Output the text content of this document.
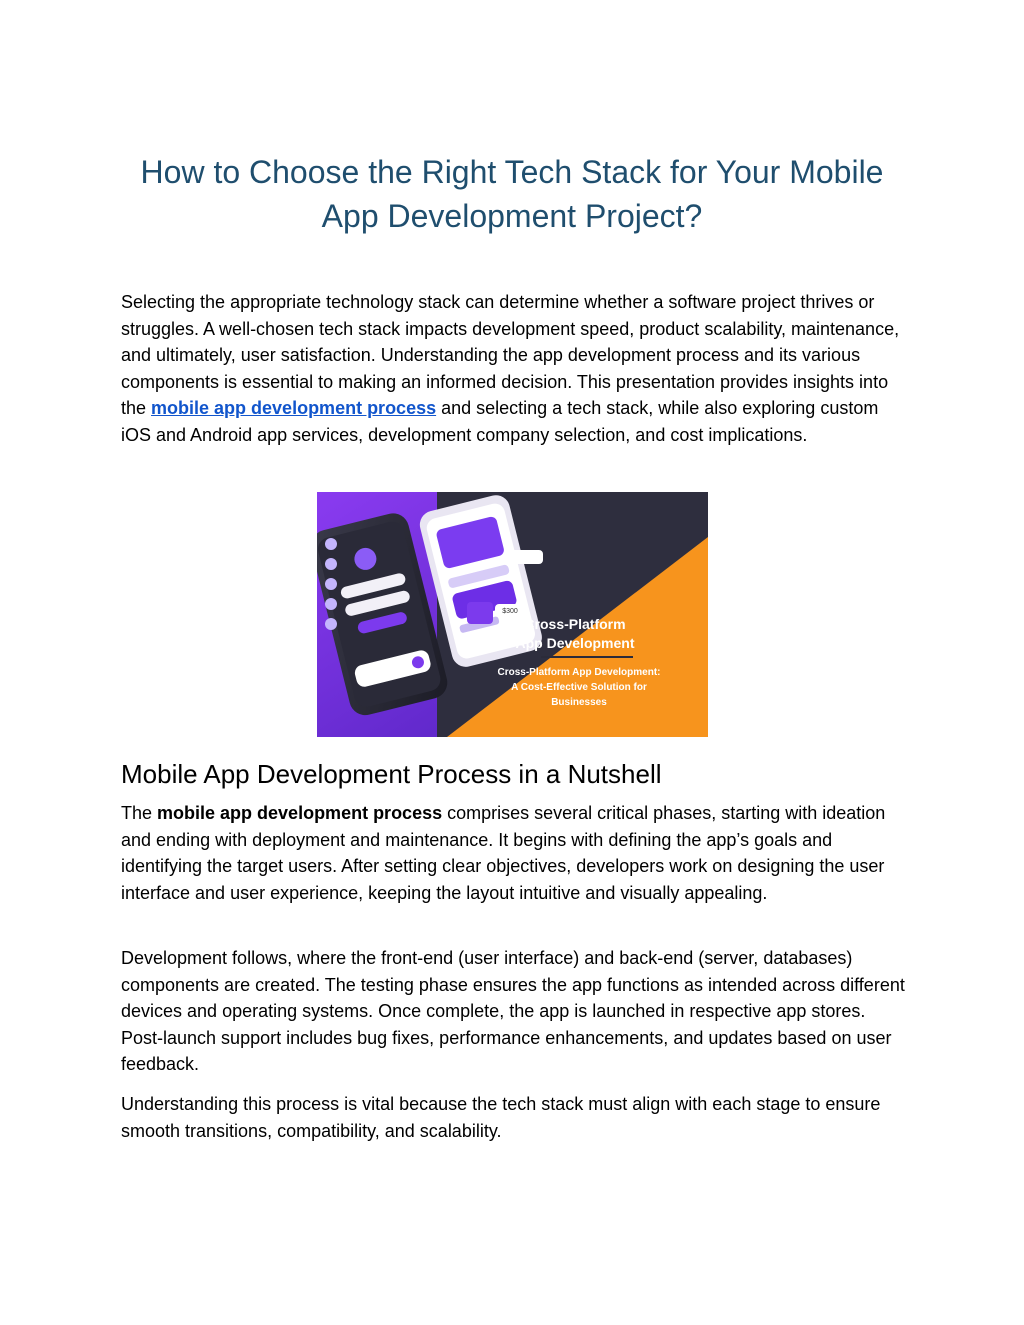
How to Choose the Right Tech Stack for Your Mobile
App Development Project?

Selecting the appropriate technology stack can determine whether a software project thrives or struggles. A well-chosen tech stack impacts development speed, product scalability, maintenance, and ultimately, user satisfaction. Understanding the app development process and its various components is essential to making an informed decision. This presentation provides insights into the mobile app development process and selecting a tech stack, while also exploring custom iOS and Android app services, development company selection, and cost implications.

$300
Cross-Platform
App Development
Cross-Platform App Development:
A Cost-Effective Solution for
Businesses
Mobile App Development Process in a Nutshell

The mobile app development process comprises several critical phases, starting with ideation and ending with deployment and maintenance. It begins with defining the app’s goals and identifying the target users. After setting clear objectives, developers work on designing the user interface and user experience, keeping the layout intuitive and visually appealing.

Development follows, where the front-end (user interface) and back-end (server, databases) components are created. The testing phase ensures the app functions as intended across different devices and operating systems. Once complete, the app is launched in respective app stores. Post-launch support includes bug fixes, performance enhancements, and updates based on user feedback.

Understanding this process is vital because the tech stack must align with each stage to ensure smooth transitions, compatibility, and scalability.
